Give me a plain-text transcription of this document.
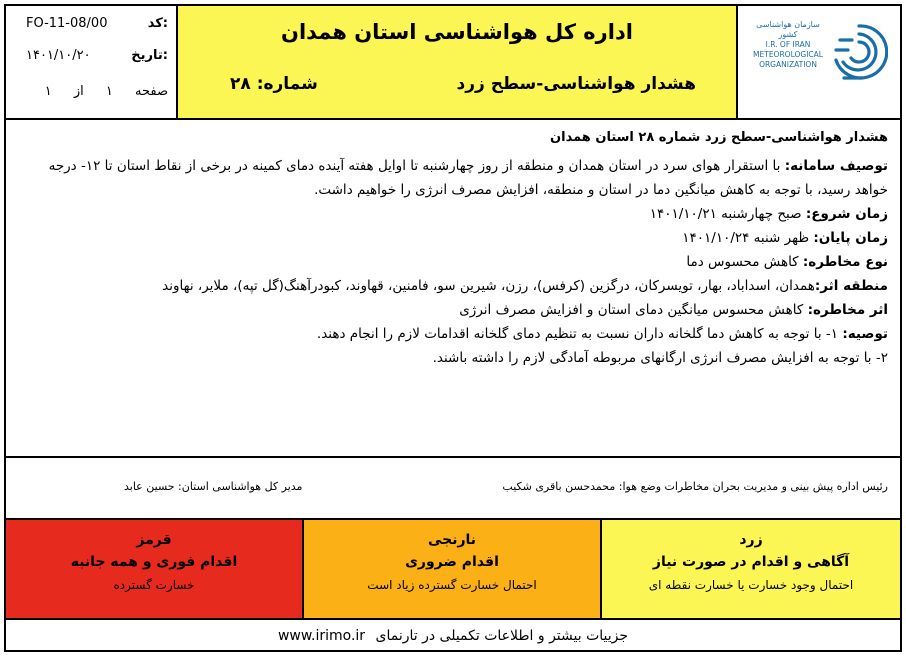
کد:
FO-11-08/00
تاریخ:
۱۴۰۱/۱۰/۲۰
صفحه ۱ از ۱
اداره کل هواشناسی استان همدان
هشدار هواشناسی-سطح زرد
شماره: ۲۸
سازمان هواشناسی کشور
I.R. OF IRAN
METEOROLOGICAL
ORGANIZATION
هشدار هواشناسی-سطح زرد شماره ۲۸ استان همدان

توصیف سامانه: با استقرار هوای سرد در استان همدان و منطقه از روز چهارشنبه تا اوایل هفته آینده دمای کمینه در برخی از نقاط استان تا ۱۲- درجه خواهد رسید، با توجه به کاهش میانگین دما در استان و منطقه، افزایش مصرف انرژی را خواهیم داشت.

زمان شروع: صبح چهارشنبه ۱۴۰۱/۱۰/۲۱

زمان پایان: ظهر شنبه ۱۴۰۱/۱۰/۲۴

نوع مخاطره: کاهش محسوس دما

منطقه اثر:همدان، اسداباد، بهار، تویسرکان، درگزین (کرفس)، رزن، شیرین سو، فامنین، قهاوند، کبودرآهنگ(گل تپه)، ملایر، نهاوند

اثر مخاطره: کاهش محسوس میانگین دمای استان و افزایش مصرف انرژی

توصیه: ۱- با توجه به کاهش دما گلخانه داران نسبت به تنظیم دمای گلخانه اقدامات لازم را انجام دهند.

۲- با توجه به افزایش مصرف انرژی ارگانهای مربوطه آمادگی لازم را داشته باشند.

رئیس اداره پیش بینی و مدیریت بحران مخاطرات وضع هوا: محمدحسن باقری شکیب
مدیر کل هواشناسی استان: حسین عابد
قرمز
اقدام فوری و همه جانبه
خسارت گسترده
نارنجی
اقدام ضروری
احتمال خسارت گسترده زیاد است
زرد
آگاهی و اقدام در صورت نیاز
احتمال وجود خسارت یا خسارت نقطه ای
جزییات بیشتر و اطلاعات تکمیلی در تارنمای www.irimo.ir
